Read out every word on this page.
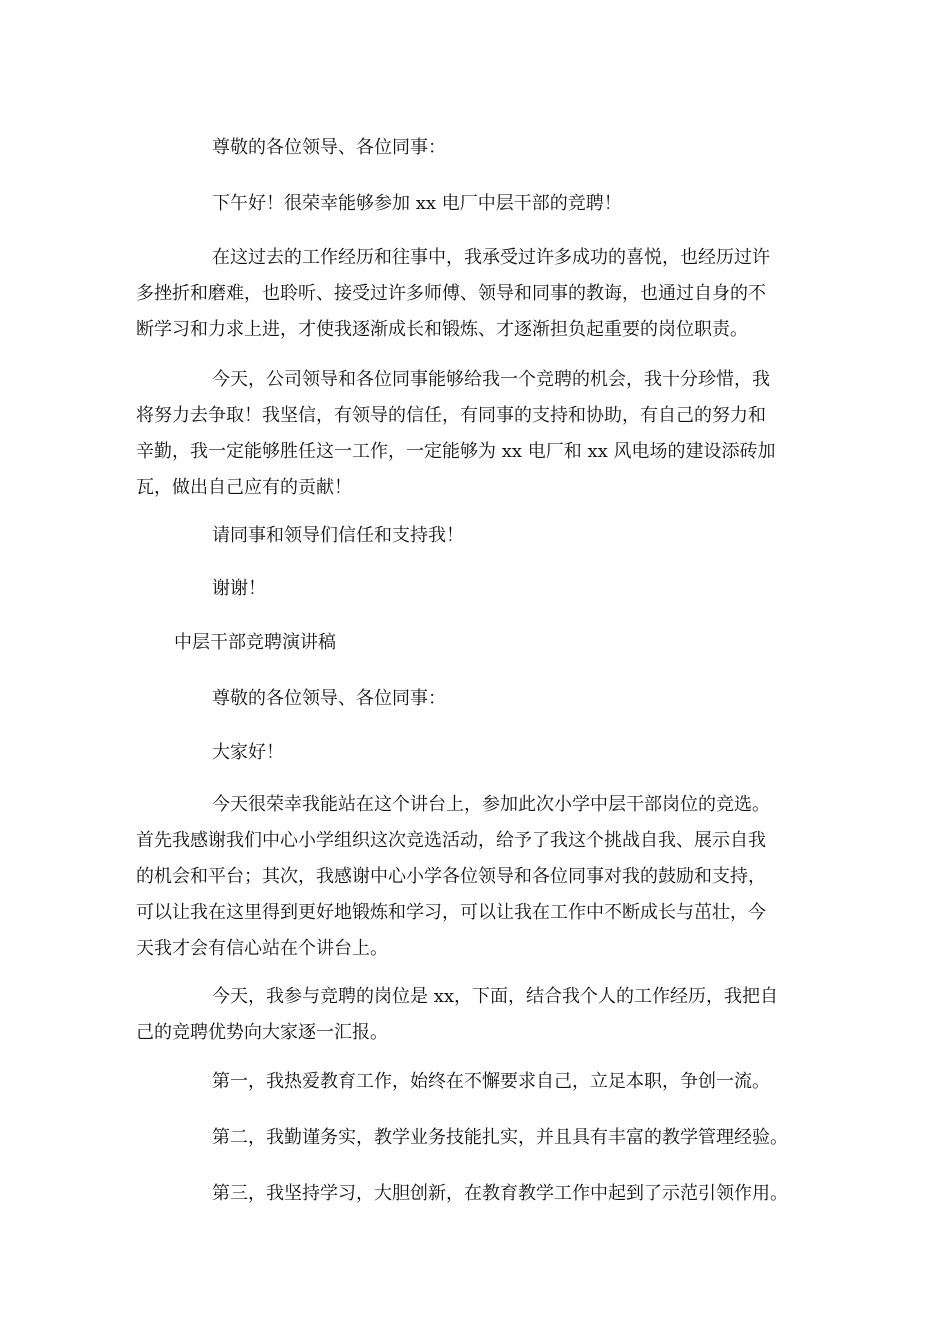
尊敬的各位领导、各位同事：

下午好！很荣幸能够参加 xx 电厂中层干部的竞聘！

在这过去的工作经历和往事中，我承受过许多成功的喜悦，也经历过许
多挫折和磨难，也聆听、接受过许多师傅、领导和同事的教诲，也通过自身的不
断学习和力求上进，才使我逐渐成长和锻炼、才逐渐担负起重要的岗位职责。

今天，公司领导和各位同事能够给我一个竞聘的机会，我十分珍惜，我
将努力去争取！我坚信，有领导的信任，有同事的支持和协助，有自己的努力和
辛勤，我一定能够胜任这一工作，一定能够为 xx 电厂和 xx 风电场的建设添砖加
瓦，做出自己应有的贡献！

请同事和领导们信任和支持我！

谢谢！

中层干部竞聘演讲稿

尊敬的各位领导、各位同事：

大家好！

今天很荣幸我能站在这个讲台上，参加此次小学中层干部岗位的竞选。
首先我感谢我们中心小学组织这次竞选活动，给予了我这个挑战自我、展示自我
的机会和平台；其次，我感谢中心小学各位领导和各位同事对我的鼓励和支持，
可以让我在这里得到更好地锻炼和学习，可以让我在工作中不断成长与茁壮，今
天我才会有信心站在个讲台上。

今天，我参与竞聘的岗位是 xx，下面，结合我个人的工作经历，我把自
己的竞聘优势向大家逐一汇报。

第一，我热爱教育工作，始终在不懈要求自己，立足本职，争创一流。

第二，我勤谨务实，教学业务技能扎实，并且具有丰富的教学管理经验。

第三，我坚持学习，大胆创新，在教育教学工作中起到了示范引领作用。
